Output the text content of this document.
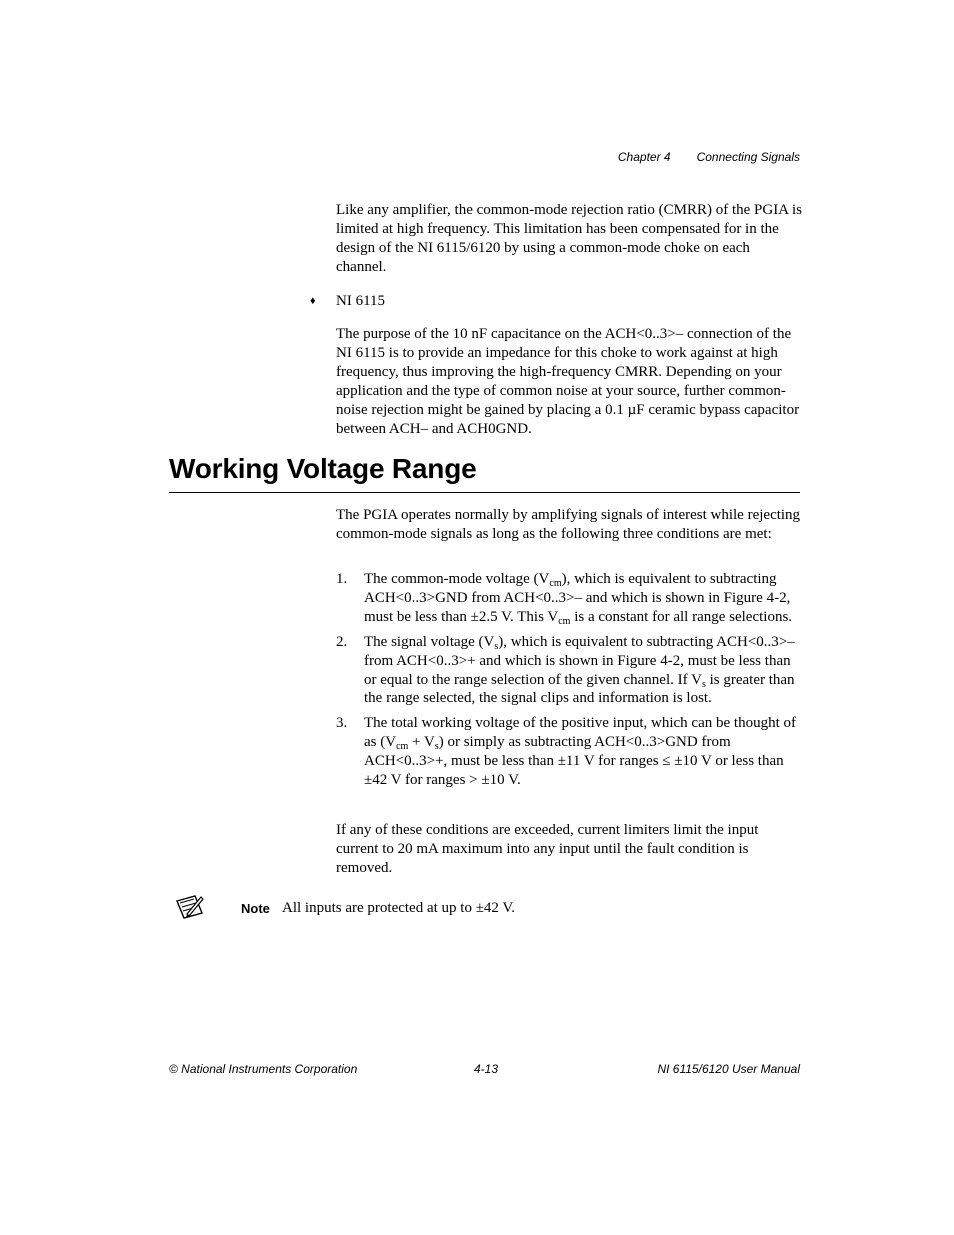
Chapter 4 Connecting Signals

Like any amplifier, the common-mode rejection ratio (CMRR) of the PGIA is limited at high frequency. This limitation has been compensated for in the design of the NI 6115/6120 by using a common-mode choke on each channel.

♦ NI 6115

The purpose of the 10 nF capacitance on the ACH<0..3>– connection of the NI 6115 is to provide an impedance for this choke to work against at high frequency, thus improving the high-frequency CMRR. Depending on your application and the type of common noise at your source, further common-noise rejection might be gained by placing a 0.1 µF ceramic bypass capacitor between ACH– and ACH0GND.

Working Voltage Range

The PGIA operates normally by amplifying signals of interest while rejecting common-mode signals as long as the following three conditions are met:

1.	The common-mode voltage $(V_{cm})$, which is equivalent to subtracting ACH<0..3>GND from ACH<0..3>– and which is shown in Figure 4-2, must be less than ±2.5 V. This $V_{cm}$ is a constant for all range selections.
2.	The signal voltage $(V_s)$, which is equivalent to subtracting ACH<0..3>– from ACH<0..3>+ and which is shown in Figure 4-2, must be less than or equal to the range selection of the given channel. If $V_s$ is greater than the range selected, the signal clips and information is lost.
3.	The total working voltage of the positive input, which can be thought of as $(V_{cm} + V_s)$ or simply as subtracting ACH<0..3>GND from ACH<0..3>+, must be less than ±11 V for ranges ≤ ±10 V or less than ±42 V for ranges > ±10 V.

If any of these conditions are exceeded, current limiters limit the input current to 20 mA maximum into any input until the fault condition is removed.

Note All inputs are protected at up to ±42 V.
© National Instruments Corporation	4-13	NI 6115/6120 User Manual
